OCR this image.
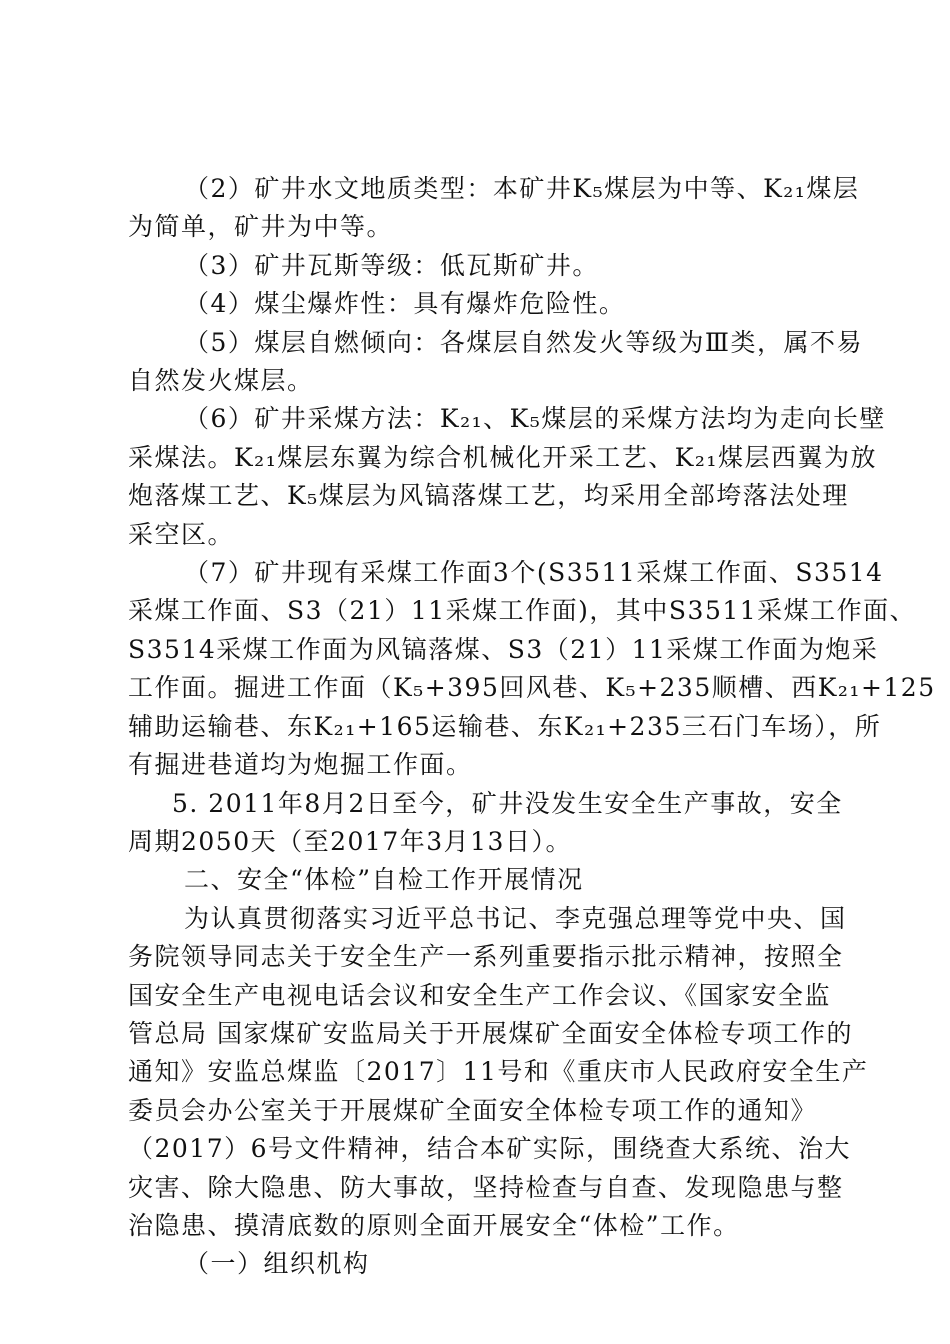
（2）矿井水文地质类型：本矿井K₅煤层为中等、K₂₁煤层
为简单，矿井为中等。

（3）矿井瓦斯等级：低瓦斯矿井。

（4）煤尘爆炸性：具有爆炸危险性。

（5）煤层自燃倾向：各煤层自然发火等级为Ⅲ类，属不易
自然发火煤层。

（6）矿井采煤方法：K₂₁、K₅煤层的采煤方法均为走向长壁
采煤法。K₂₁煤层东翼为综合机械化开采工艺、K₂₁煤层西翼为放
炮落煤工艺、K₅煤层为风镐落煤工艺，均采用全部垮落法处理
采空区。

（7）矿井现有采煤工作面3个(S3511采煤工作面、S3514
采煤工作面、S3（21）11采煤工作面)，其中S3511采煤工作面、
S3514采煤工作面为风镐落煤、S3（21）11采煤工作面为炮采
工作面。掘进工作面（K₅+395回风巷、K₅+235顺槽、西K₂₁+125
辅助运输巷、东K₂₁+165运输巷、东K₂₁+235三石门车场），所
有掘进巷道均为炮掘工作面。

5. 2011年8月2日至今，矿井没发生安全生产事故，安全
周期2050天（至2017年3月13日）。

二、安全“体检”自检工作开展情况

为认真贯彻落实习近平总书记、李克强总理等党中央、国
务院领导同志关于安全生产一系列重要指示批示精神，按照全
国安全生产电视电话会议和安全生产工作会议、《国家安全监
管总局 国家煤矿安监局关于开展煤矿全面安全体检专项工作的
通知》安监总煤监〔2017〕11号和《重庆市人民政府安全生产
委员会办公室关于开展煤矿全面安全体检专项工作的通知》
（2017）6号文件精神，结合本矿实际，围绕查大系统、治大
灾害、除大隐患、防大事故，坚持检查与自查、发现隐患与整
治隐患、摸清底数的原则全面开展安全“体检”工作。

（一）组织机构
